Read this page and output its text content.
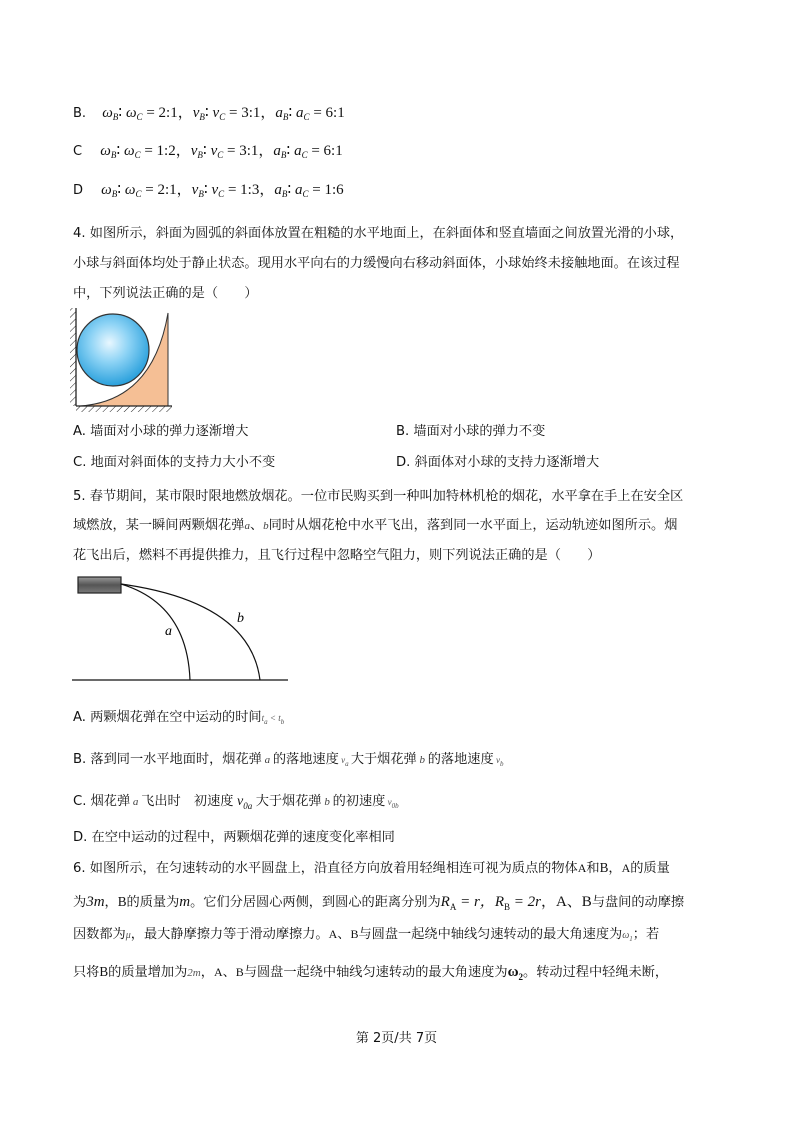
B. $\omega_B∶$ $\omega_C$ = 2:1，$v_B∶$ $v_C$ = 3:1，$a_B∶$ $a_C$ = 6:1
C $\omega_B∶$ $\omega_C$ = 1:2，$v_B∶$ $v_C$ = 3:1，$a_B∶$ $a_C$ = 6:1
D $\omega_B∶$ $\omega_C$ = 2:1，$v_B∶$ $v_C$ = 1:3，$a_B∶$ $a_C$ = 1:6
4. 如图所示，斜面为圆弧的斜面体放置在粗糙的水平地面上，在斜面体和竖直墙面之间放置光滑的小球，
小球与斜面体均处于静止状态。现用水平向右的力缓慢向右移动斜面体，小球始终未接触地面。在该过程
中，下列说法正确的是（　　）
A. 墙面对小球的弹力逐渐增大	B. 墙面对小球的弹力不变
C. 地面对斜面体的支持力大小不变	D. 斜面体对小球的支持力逐渐增大
5. 春节期间，某市限时限地燃放烟花。一位市民购买到一种叫加特林机枪的烟花，水平拿在手上在安全区
域燃放，某一瞬间两颗烟花弹a、b同时从烟花枪中水平飞出，落到同一水平面上，运动轨迹如图所示。烟
花飞出后，燃料不再提供推力，且飞行过程中忽略空气阻力，则下列说法正确的是（　　）
a
b
A. 两颗烟花弹在空中运动的时间$t_a < t_b$
B. 落到同一水平地面时，烟花弹 a 的落地速度 $v_a$ 大于烟花弹 b 的落地速度 $v_b$
C. 烟花弹 a 飞出时　初速度 $v_{0a}$ 大于烟花弹 b 的初速度 $v_{0b}$
D. 在空中运动的过程中，两颗烟花弹的速度变化率相同
6. 如图所示，在匀速转动的水平圆盘上，沿直径方向放着用轻绳相连可视为质点的物体A和B，A的质量
为3m，B的质量为m。它们分居圆心两侧，到圆心的距离分别为$R_A = r$，$R_B = 2r$，A、B与盘间的动摩擦
因数都为μ，最大静摩擦力等于滑动摩擦力。A、B与圆盘一起绕中轴线匀速转动的最大角速度为$\omega_1$；若
只将B的质量增加为2m，A、B与圆盘一起绕中轴线匀速转动的最大角速度为$\omega_2$。转动过程中轻绳未断，
第 2页/共 7页
